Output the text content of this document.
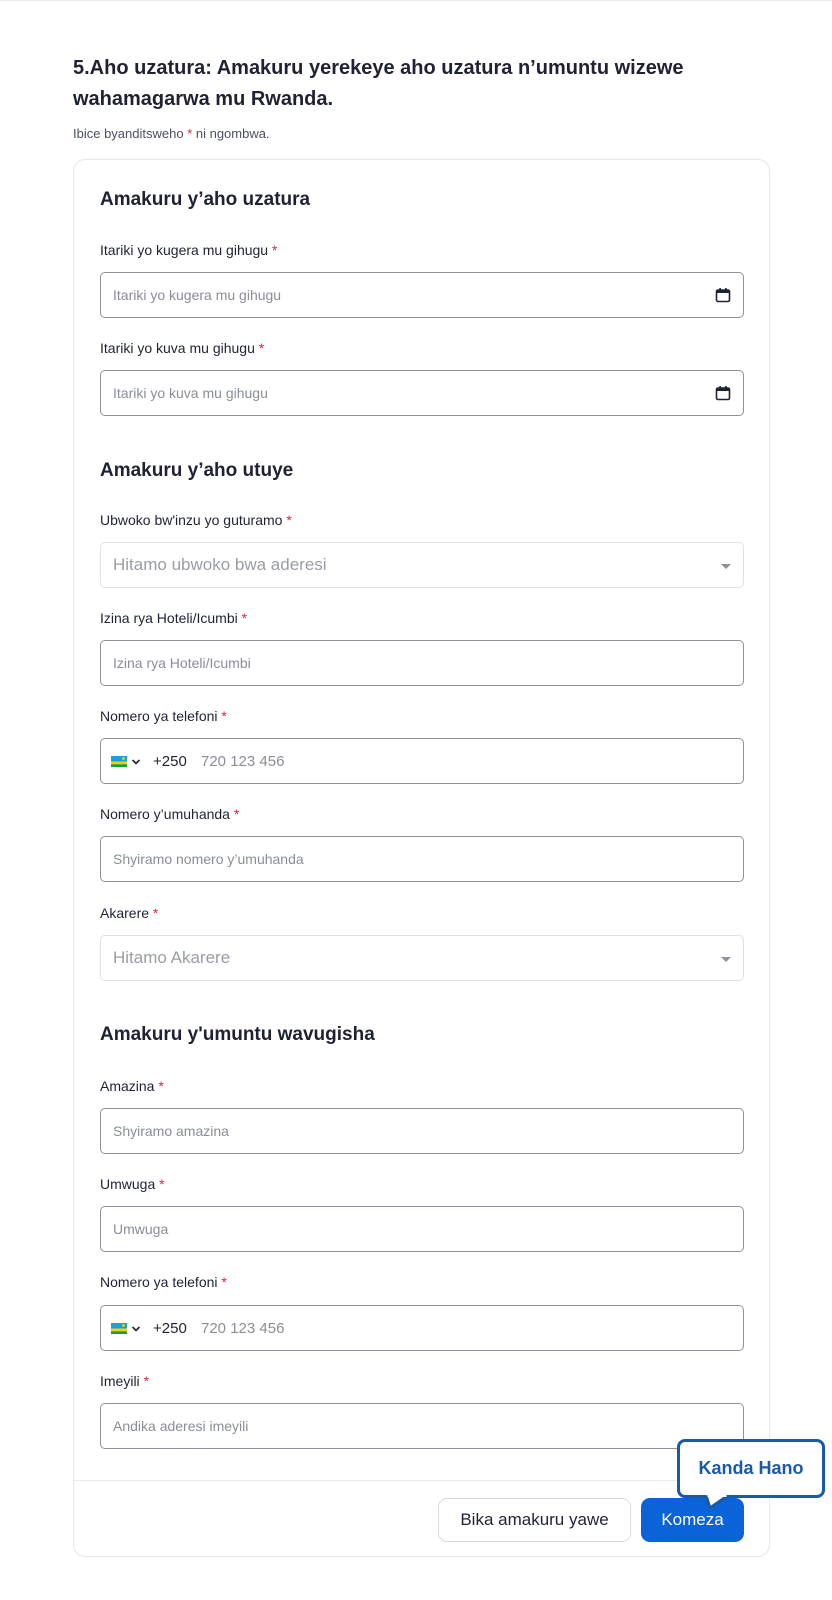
5.Aho uzatura: Amakuru yerekeye aho uzatura n’umuntu wizewe wahamagarwa mu Rwanda.
Ibice byanditsweho * ni ngombwa.
Amakuru y’aho uzatura
Itariki yo kugera mu gihugu *
Itariki yo kugera mu gihugu
Itariki yo kuva mu gihugu *
Itariki yo kuva mu gihugu
Amakuru y’aho utuye
Ubwoko bw'inzu yo guturamo *
Hitamo ubwoko bwa aderesi
Izina rya Hoteli/Icumbi *
Izina rya Hoteli/Icumbi
Nomero ya telefoni *
+250 720 123 456
Nomero y’umuhanda *
Shyiramo nomero y’umuhanda
Akarere *
Hitamo Akarere
Amakuru y'umuntu wavugisha
Amazina *
Shyiramo amazina
Umwuga *
Umwuga
Nomero ya telefoni *
+250 720 123 456
Imeyili *
Andika aderesi imeyili
Bika amakuru yawe	Komeza
Kanda Hano
